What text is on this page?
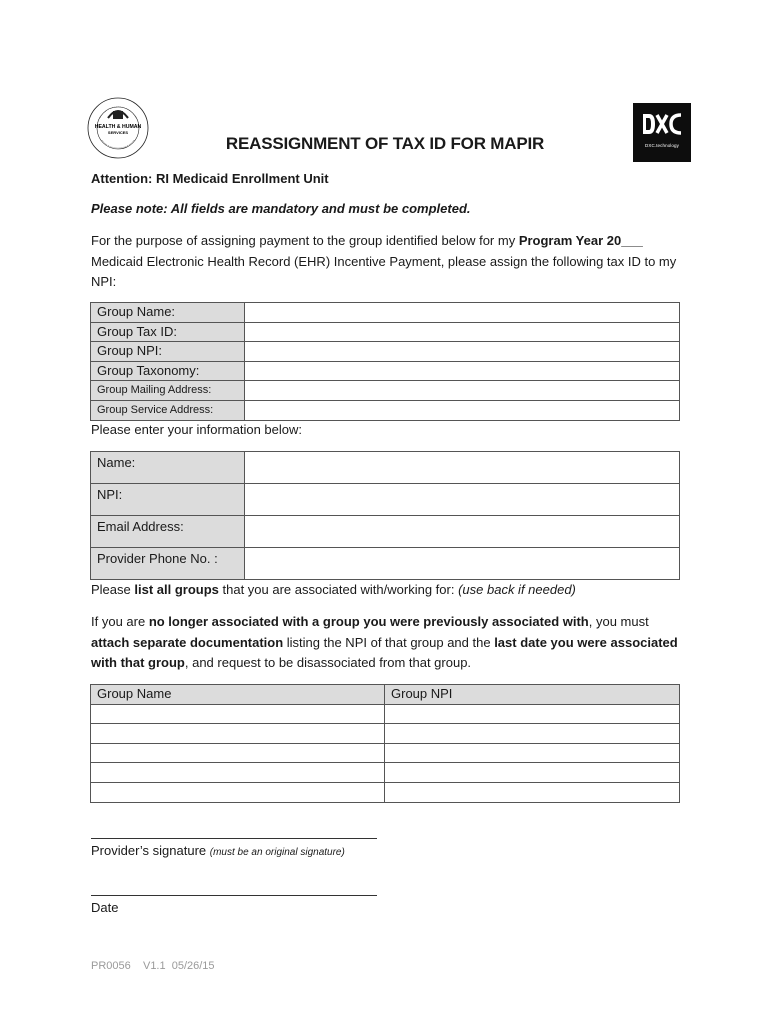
HEALTH & HUMAN
SERVICES
DXC.technology
REASSIGNMENT OF TAX ID FOR MAPIR
Attention: RI Medicaid Enrollment Unit
Please note: All fields are mandatory and must be completed.
For the purpose of assigning payment to the group identified below for my Program Year 20___ Medicaid Electronic Health Record (EHR) Incentive Payment, please assign the following tax ID to my NPI:
Group Name:	
Group Tax ID:	
Group NPI:	
Group Taxonomy:	
Group Mailing Address:	
Group Service Address:	
Please enter your information below:
Name:	
NPI:	
Email Address:	
Provider Phone No. :	
Please list all groups that you are associated with/working for: (use back if needed)
If you are no longer associated with a group you were previously associated with, you must attach separate documentation listing the NPI of that group and the last date you were associated with that group, and request to be disassociated from that group.
Group Name	Group NPI

Provider’s signature (must be an original signature)
Date
PR0056    V1.1  05/26/15
